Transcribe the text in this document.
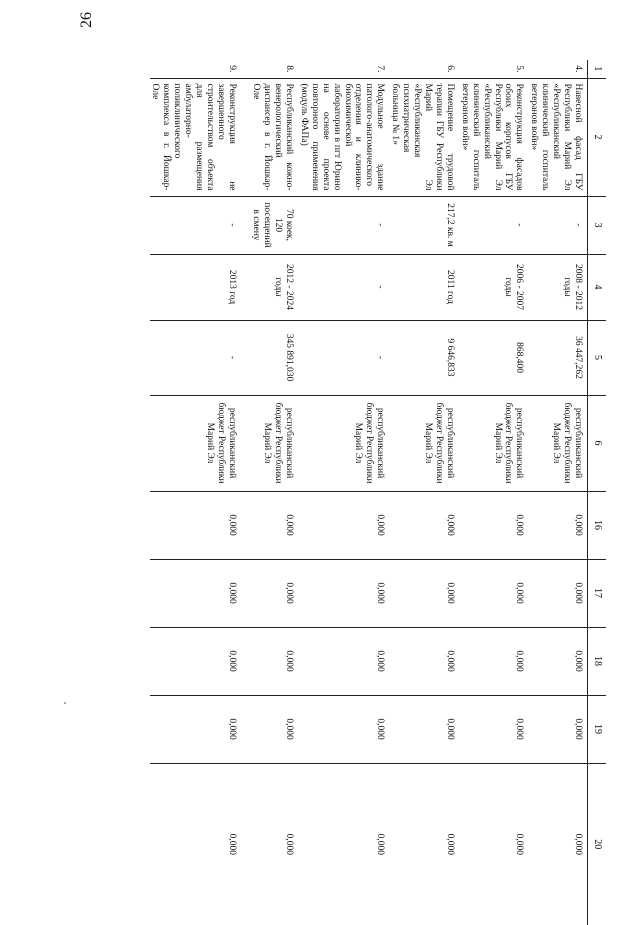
26
1	2	3	4	5	6	16	17	18	19	20
4.	Навесной фасад ГБУ Республики Марий Эл «Республиканский клинический госпиталь ветеранов войн»	-	2008 - 2012 годы	36 447,262	республиканский бюджет Республики Марий Эл	0,000	0,000	0,000	0,000	0,000
5.	Реконструкция фасадов обоих корпусов ГБУ Республики Марий Эл «Республиканский клинический госпиталь ветеранов войн»	-	2006 - 2007 годы	868,400	республиканский бюджет Республики Марий Эл	0,000	0,000	0,000	0,000	0,000
6.	Помещение трудовой терапии ГБУ Республики Марий Эл «Республиканская психиатрическая больница № 1»	217,2 кв. м	2011 год	9 646,833	республиканский бюджет Республики Марий Эл	0,000	0,000	0,000	0,000	0,000
7.	Модульное здание патолого-анатомического отделения и клинико-биохимической лаборатории в пгт Юрино на основе проекта повторного применения (модуль ФАПа)	-	-	-	республиканский бюджет Республики Марий Эл	0,000	0,000	0,000	0,000	0,000
8.	Республиканский кожно-венерологический диспансер в г. Йошкар-Оле	70 коек, 120 посещений в смену	2012 - 2024 годы	345 891,030	республиканский бюджет Республики Марий Эл	0,000	0,000	0,000	0,000	0,000
9.	Реконструкция не завершенного строительством объекта для размещения амбулаторно-поликлинического комплекса в г. Йошкар-Оле	-	2013 год	-	республиканский бюджет Республики Марий Эл	0,000	0,000	0,000	0,000	0,000
